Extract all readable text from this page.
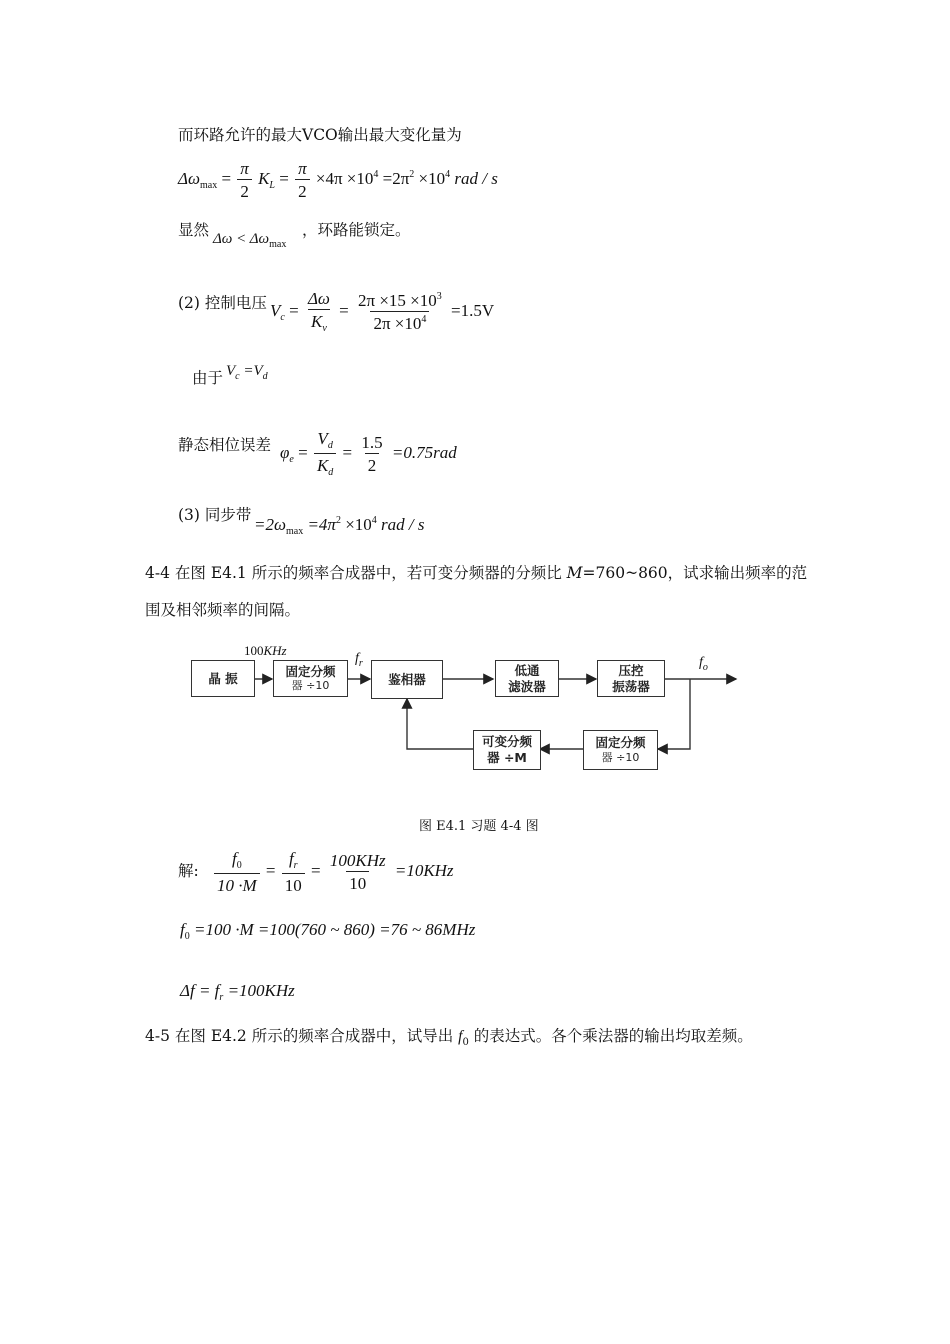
而环路允许的最大VCO输出最大变化量为
$\Delta\omega_{max} = \frac{\pi}{2} K_L = \frac{\pi}{2} \times 4\pi \times 10^4 =2\pi^2 \times 10^4$ rad / s
显然 $\Delta\omega < \Delta\omega_{max}$
，环路能锁定。
(2) 控制电压 $V_c = \frac{\Delta\omega}{K_v} = \frac{2\pi \times 15 \times 10^3}{2\pi \times 10^4} =1.5V$
由于 $V_c =V_d$
静态相位误差 $\varphi_e = \frac{V_d}{K_d} = \frac{1.5}{2} =0.75rad$
(3) 同步带 $=2\omega_{max} =4\pi^2 \times 10^4$ rad / s
4-4 在图 E4.1 所示的频率合成器中，若可变分频器的分频比 M=760~860，试求输出频率的范
围及相邻频率的间隔。
100KHz
$f_r$	$f_o$
晶 振	固定分频
器 ÷10	鉴相器
低通
滤波器
压控
振荡器
可变分频
器 ÷M
固定分频
器 ÷10
图 E4.1 习题 4-4 图
解: $\frac{f_0}{10 \cdot M} = \frac{f_r}{10} = \frac{\text{100KHz}}{10} =10KHz$
$f_0 =100 \cdot M =100(760$ ~ 860) =76 ~ 86MHz
$\Delta f = f_r =100KHz$
4-5 在图 E4.2 所示的频率合成器中，试导出 $f_0$ 的表达式。各个乘法器的输出均取差频。
